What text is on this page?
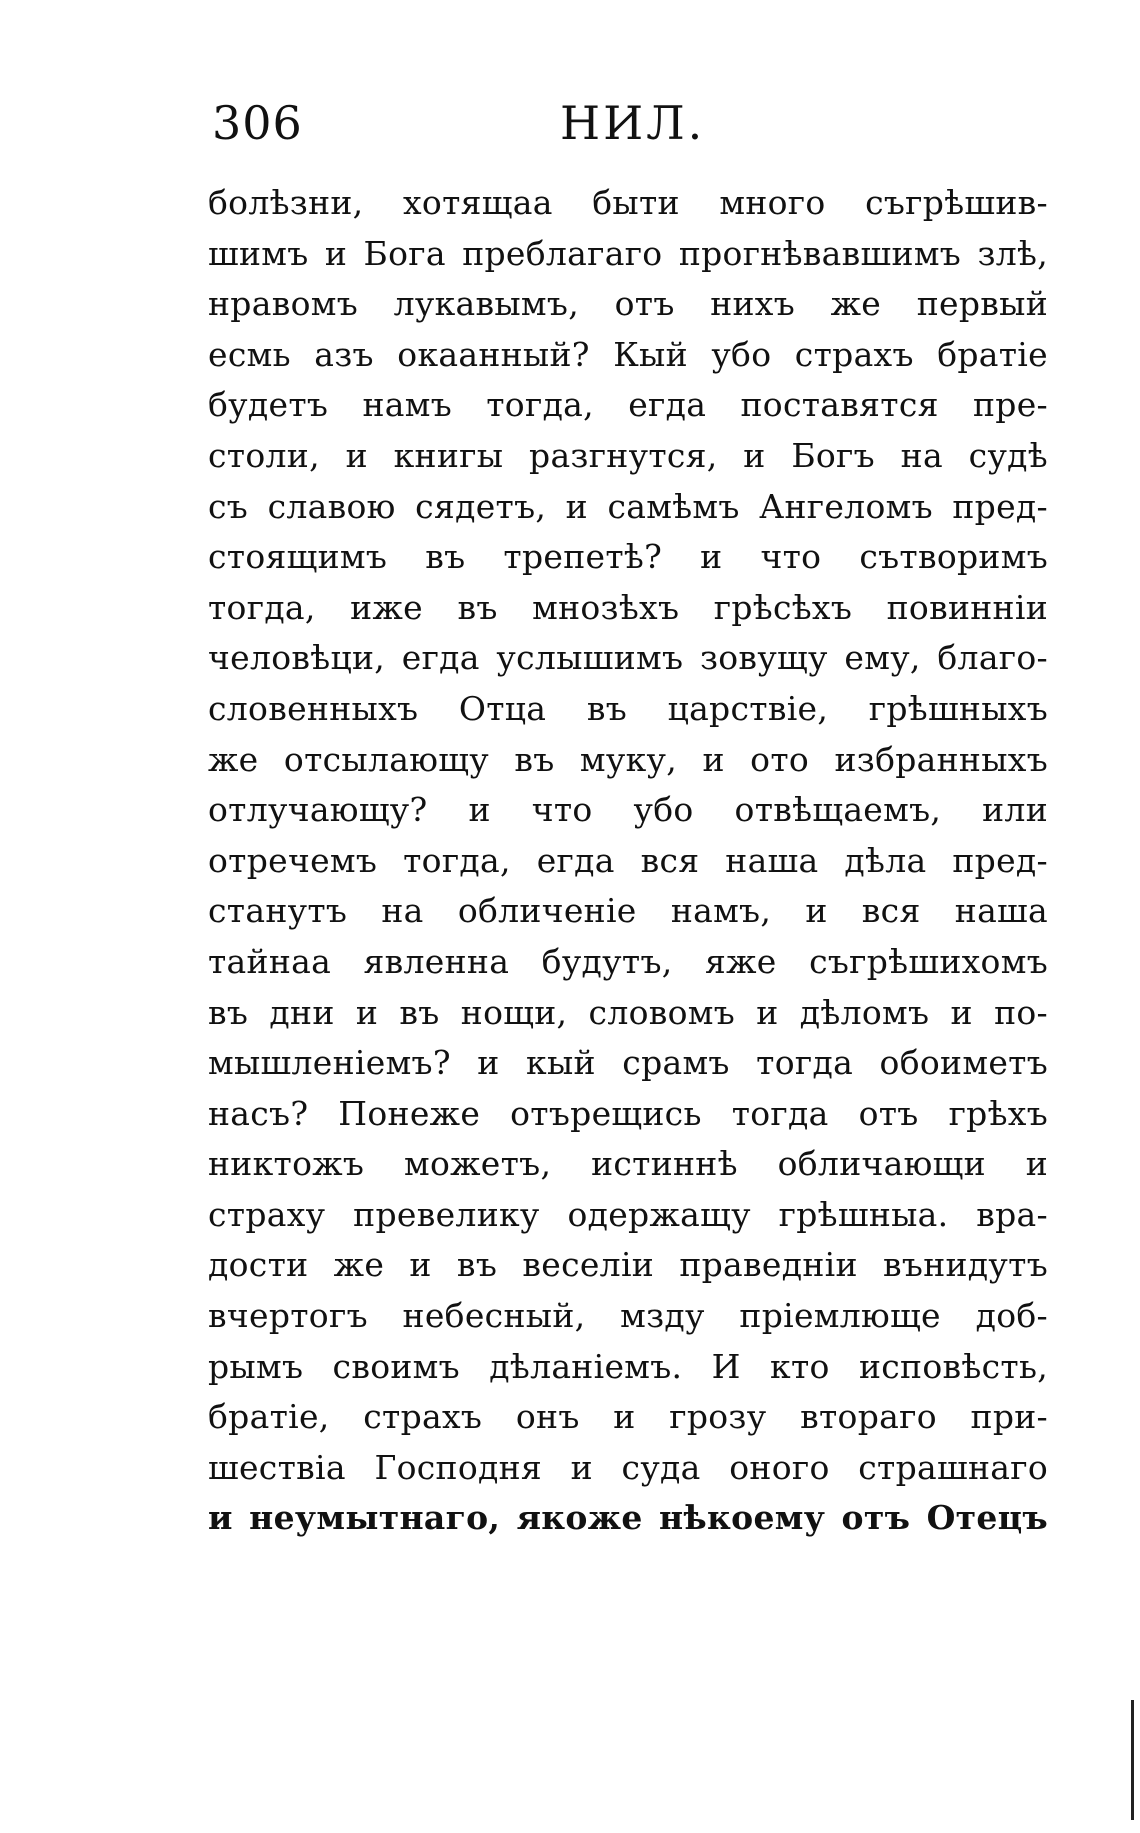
306	НИЛ.
болѣзни, хотящаа быти много съгрѣшив-
шимъ и Бога преблагаго прогнѣвавшимъ злѣ,
нравомъ лукавымъ, отъ нихъ же первый
есмь азъ окаанный? Кый убо страхъ братіе
будетъ намъ тогда, егда поставятся пре-
столи, и книгы разгнутся, и Богъ на судѣ
съ славою сядетъ, и самѣмъ Ангеломъ пред-
стоящимъ въ трепетѣ? и что сътворимъ
тогда, иже въ мнозѣхъ грѣсѣхъ повинніи
человѣци, егда услышимъ зовущу ему, благо-
словенныхъ Отца въ царствіе, грѣшныхъ
же отсылающу въ муку, и ото избранныхъ
отлучающу? и что убо отвѣщаемъ, или
отречемъ тогда, егда вся наша дѣла пред-
станутъ на обличеніе намъ, и вся наша
тайнаа явленна будутъ, яже съгрѣшихомъ
въ дни и въ нощи, словомъ и дѣломъ и по-
мышленіемъ? и кый срамъ тогда обоиметъ
насъ? Понеже отърещись тогда отъ грѣхъ
никтожъ можетъ, истиннѣ обличающи и
страху превелику одержащу грѣшныа. вра-
дости же и въ веселіи праведніи вънидутъ
вчертогъ небесный, мзду пріемлюще доб-
рымъ своимъ дѣланіемъ. И кто исповѣсть,
братіе, страхъ онъ и грозу втораго при-
шествіа Господня и суда оного страшнаго
и неумытнаго, якоже нѣкоему отъ Отецъ
